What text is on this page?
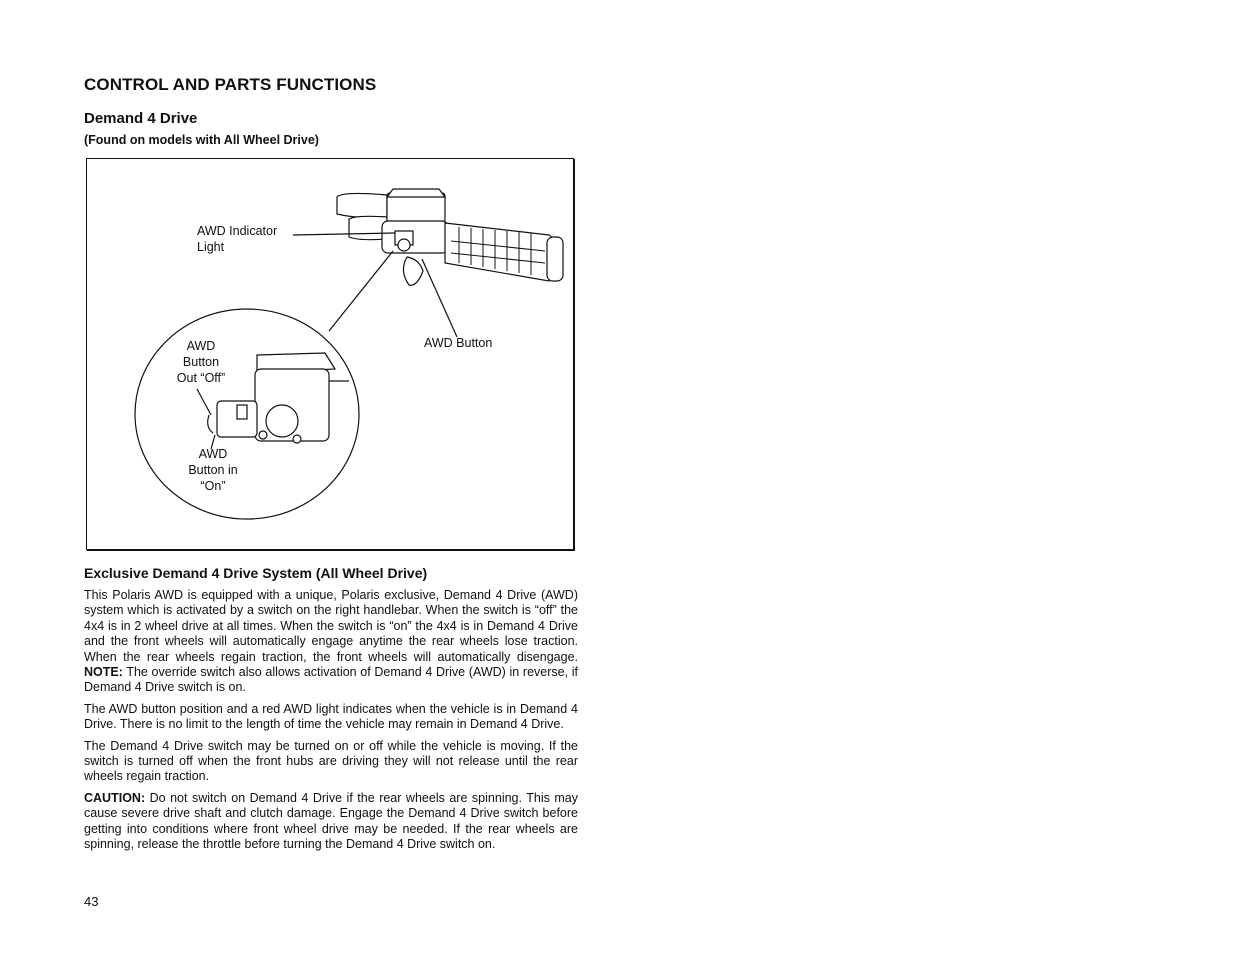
CONTROL AND PARTS FUNCTIONS
Demand 4 Drive
(Found on models with All Wheel Drive)
AWD Indicator
Light
AWD Button
AWD
Button
Out “Off”
AWD
Button in
“On”
Exclusive Demand 4 Drive System (All Wheel Drive)

This Polaris AWD is equipped with a unique, Polaris exclusive, Demand 4 Drive (AWD) system which is activated by a switch on the right handlebar. When the switch is “off” the 4x4 is in 2 wheel drive at all times. When the switch is “on” the 4x4 is in Demand 4 Drive and the front wheels will automatically engage anytime the rear wheels lose traction. When the rear wheels regain traction, the front wheels will automatically disengage. NOTE: The override switch also allows activation of Demand 4 Drive (AWD) in reverse, if Demand 4 Drive switch is on.

The AWD button position and a red AWD light indicates when the vehicle is in Demand 4 Drive. There is no limit to the length of time the vehicle may remain in Demand 4 Drive.

The Demand 4 Drive switch may be turned on or off while the vehicle is moving. If the switch is turned off when the front hubs are driving they will not release until the rear wheels regain traction.

CAUTION: Do not switch on Demand 4 Drive if the rear wheels are spinning. This may cause severe drive shaft and clutch damage. Engage the Demand 4 Drive switch before getting into conditions where front wheel drive may be needed. If the rear wheels are spinning, release the throttle before turning the Demand 4 Drive switch on.

43
